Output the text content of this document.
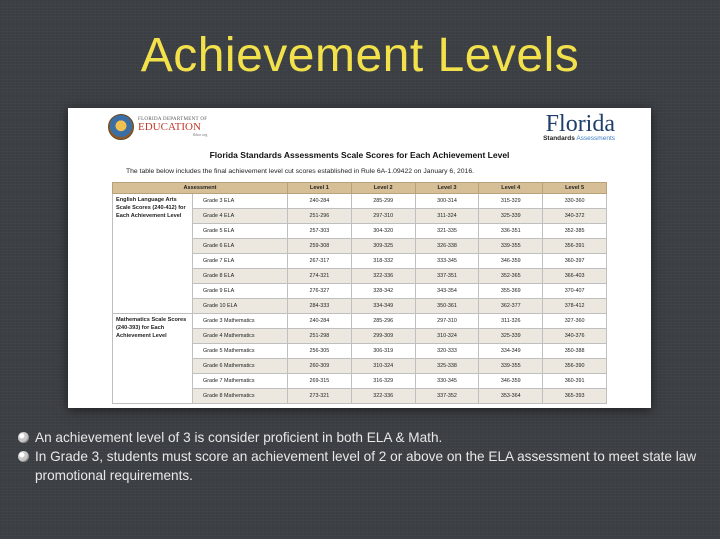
Achievement Levels
FLORIDA DEPARTMENT OF
EDUCATION
fldoe.org	Florida
Standards Assessments
Florida Standards Assessments Scale Scores for Each Achievement Level
The table below includes the final achievement level cut scores established in Rule 6A-1.09422 on January 6, 2016.
Assessment		Level 1	Level 2	Level 3	Level 4	Level 5
English Language Arts Scale Scores (240-412) for Each Achievement Level	Grade 3 ELA	240-284	285-299	300-314	315-329	330-360
	Grade 4 ELA	251-296	297-310	311-324	325-339	340-372
	Grade 5 ELA	257-303	304-320	321-335	336-351	352-385
	Grade 6 ELA	259-308	309-325	326-338	339-355	356-391
	Grade 7 ELA	267-317	318-332	333-345	346-359	360-397
	Grade 8 ELA	274-321	322-336	337-351	352-365	366-403
	Grade 9 ELA	276-327	328-342	343-354	355-369	370-407
	Grade 10 ELA	284-333	334-349	350-361	362-377	378-412
Mathematics Scale Scores (240-393) for Each Achievement Level	Grade 3 Mathematics	240-284	285-296	297-310	311-326	327-360
	Grade 4 Mathematics	251-298	299-309	310-324	325-339	340-376
	Grade 5 Mathematics	256-305	306-319	320-333	334-349	350-388
	Grade 6 Mathematics	260-309	310-324	325-338	339-355	356-390
	Grade 7 Mathematics	269-315	316-329	330-345	346-359	360-391
	Grade 8 Mathematics	273-321	322-336	337-352	353-364	365-393
An achievement level of 3 is consider proficient in both ELA & Math.
In Grade 3, students must score an achievement level of 2 or above on the ELA assessment to meet state law promotional requirements.
